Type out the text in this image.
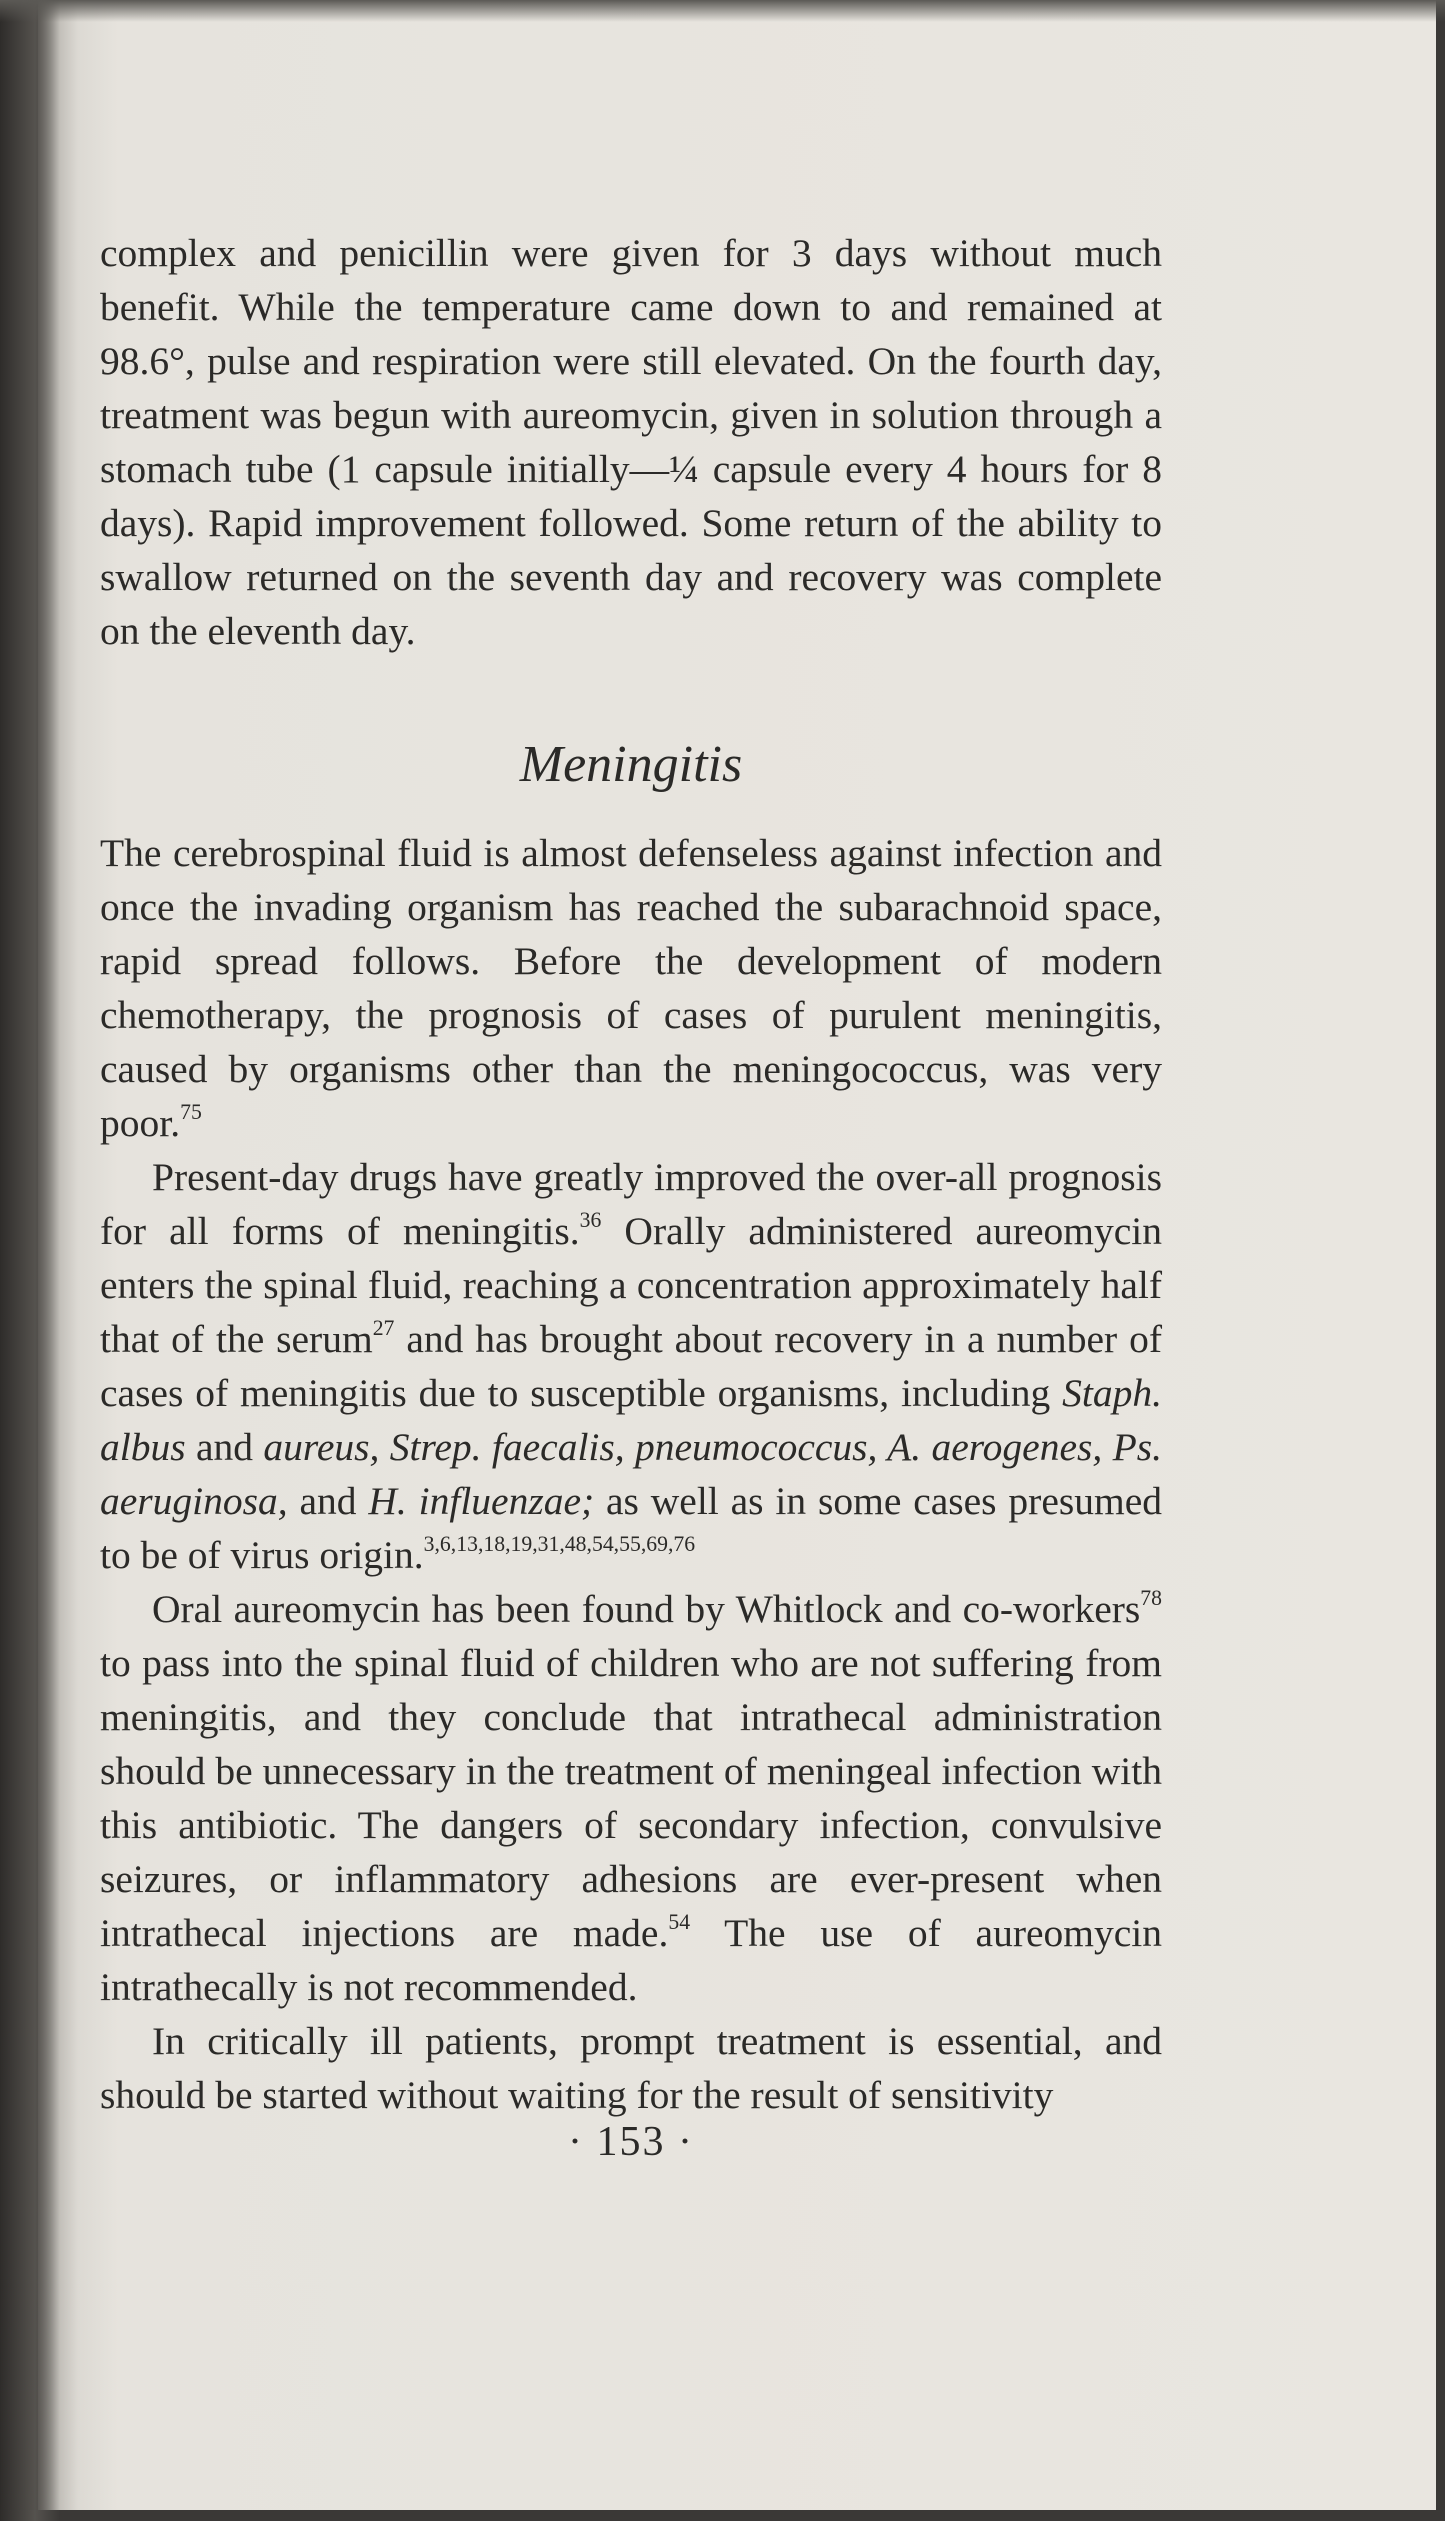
complex and penicillin were given for 3 days without much benefit. While the temperature came down to and remained at 98.6°, pulse and respiration were still elevated. On the fourth day, treatment was begun with aureomycin, given in solution through a stomach tube (1 capsule initially—¼ capsule every 4 hours for 8 days). Rapid improvement followed. Some return of the ability to swallow returned on the seventh day and recovery was complete on the eleventh day.

Meningitis

The cerebrospinal fluid is almost defenseless against infection and once the invading organism has reached the subarachnoid space, rapid spread follows. Before the development of modern chemotherapy, the prognosis of cases of purulent meningitis, caused by organisms other than the meningococcus, was very poor.$^{75}$

Present-day drugs have greatly improved the over-all prognosis for all forms of meningitis.$^{36}$ Orally administered aureomycin enters the spinal fluid, reaching a concentration approximately half that of the serum$^{27}$ and has brought about recovery in a number of cases of meningitis due to susceptible organisms, including Staph. albus and aureus, Strep. faecalis, pneumococcus, A. aerogenes, Ps. aeruginosa, and H. influenzae; as well as in some cases presumed to be of virus origin.$^{3,6,13,18,19,31,48,54,55,69,76}$

Oral aureomycin has been found by Whitlock and co-workers$^{78}$ to pass into the spinal fluid of children who are not suffering from meningitis, and they conclude that intrathecal administration should be unnecessary in the treatment of meningeal infection with this antibiotic. The dangers of secondary infection, convulsive seizures, or inflammatory adhesions are ever-present when intrathecal injections are made.$^{54}$ The use of aureomycin intrathecally is not recommended.

In critically ill patients, prompt treatment is essential, and should be started without waiting for the result of sensitivity

· 153 ·
